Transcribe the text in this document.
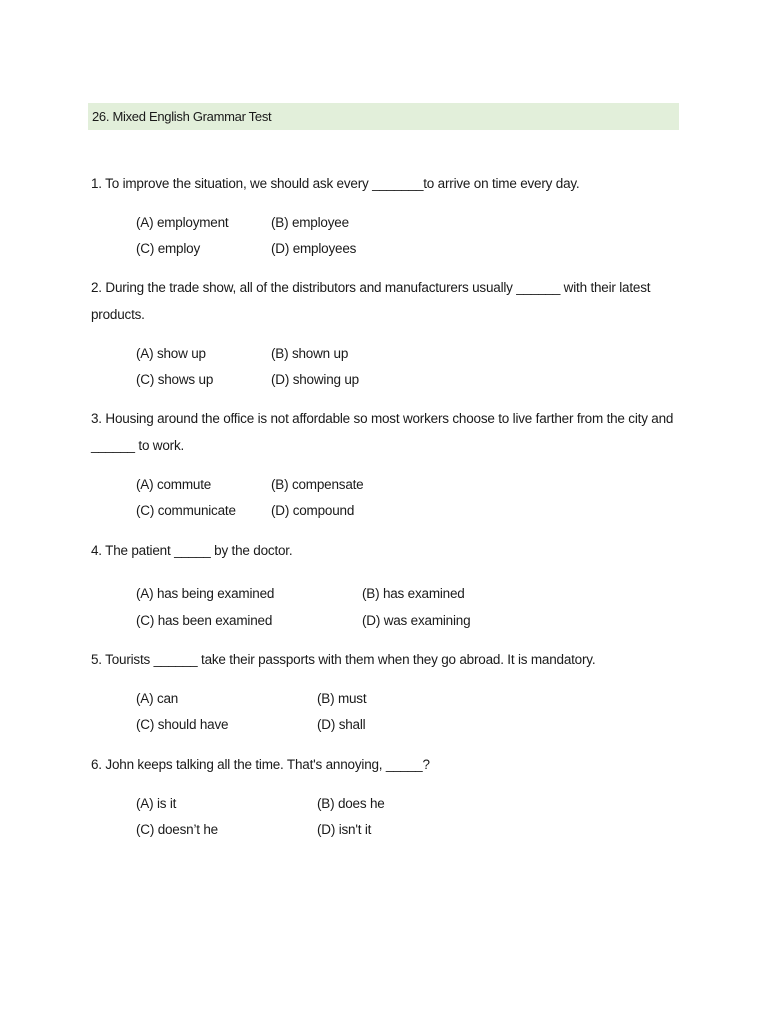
26. Mixed English Grammar Test
1. To improve the situation, we should ask every _______to arrive on time every day.
(A) employment	(B) employee
(C) employ	(D) employees
2. During the trade show, all of the distributors and manufacturers usually ______ with their latest products.
(A) show up	(B) shown up
(C) shows up	(D) showing up
3. Housing around the office is not affordable so most workers choose to live farther from the city and ______ to work.
(A) commute	(B) compensate
(C) communicate	(D) compound
4. The patient _____ by the doctor.
(A) has being examined	(B) has examined
(C) has been examined	(D) was examining
5. Tourists ______ take their passports with them when they go abroad. It is mandatory.
(A) can	(B) must
(C) should have	(D) shall
6. John keeps talking all the time. That's annoying, _____?
(A) is it	(B) does he
(C) doesn’t he	(D) isn't it
